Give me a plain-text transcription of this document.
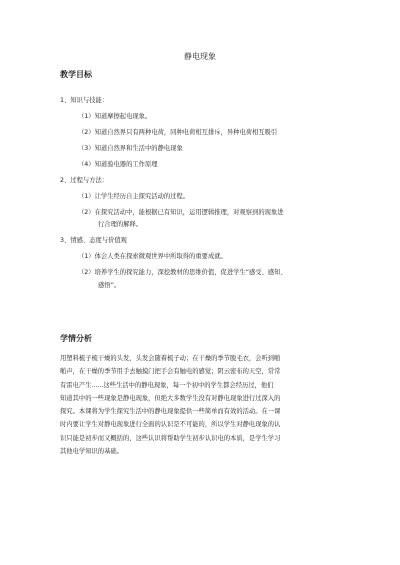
静电现象
教学目标
1、知识与技能：
（1）知道摩擦起电现象。
（2）知道自然界只有两种电荷，同种电荷相互排斥，异种电荷相互吸引
（3）知道自然界和生活中的静电现象
（4）知道验电器的工作原理
2、过程与方法：
（1）让学生经历自主探究活动的过程。
（2）在探究活动中，能根据已有知识，运用逻辑推理，对观察到的现象进
行合理的解释。
3、情感、态度与价值观
（1）体会人类在探索微观世界中所取得的重要成就。
（2）培养学生的探究能力，深挖教材的思维价值，促进学生“感受、感知、
感悟”。
学情分析
用塑料梳子梳干燥的头发，头发会随着梳子动；在干燥的季节脱毛衣，会听到啪
啪声，在干燥的季节用手去触摸门把手会有触电的感觉；阴云密布的天空，常常
有雷电产生......这些生活中的静电现象，每一个初中的学生都会经历过，他们
知道其中的一些现象是静电现象，但绝大多数学生没有对静电现象进行过深入的
探究。本课将为学生探究生活中的静电现象提供一些简单而有效的活动。在一课
时内要让学生对静电现象进行全面的认识是不可能的，所以学生对静电现象的认
识只能是初步而又概括的，这些认识将帮助学生初步认识电的本质，是学生学习
其他电学知识的基础。
